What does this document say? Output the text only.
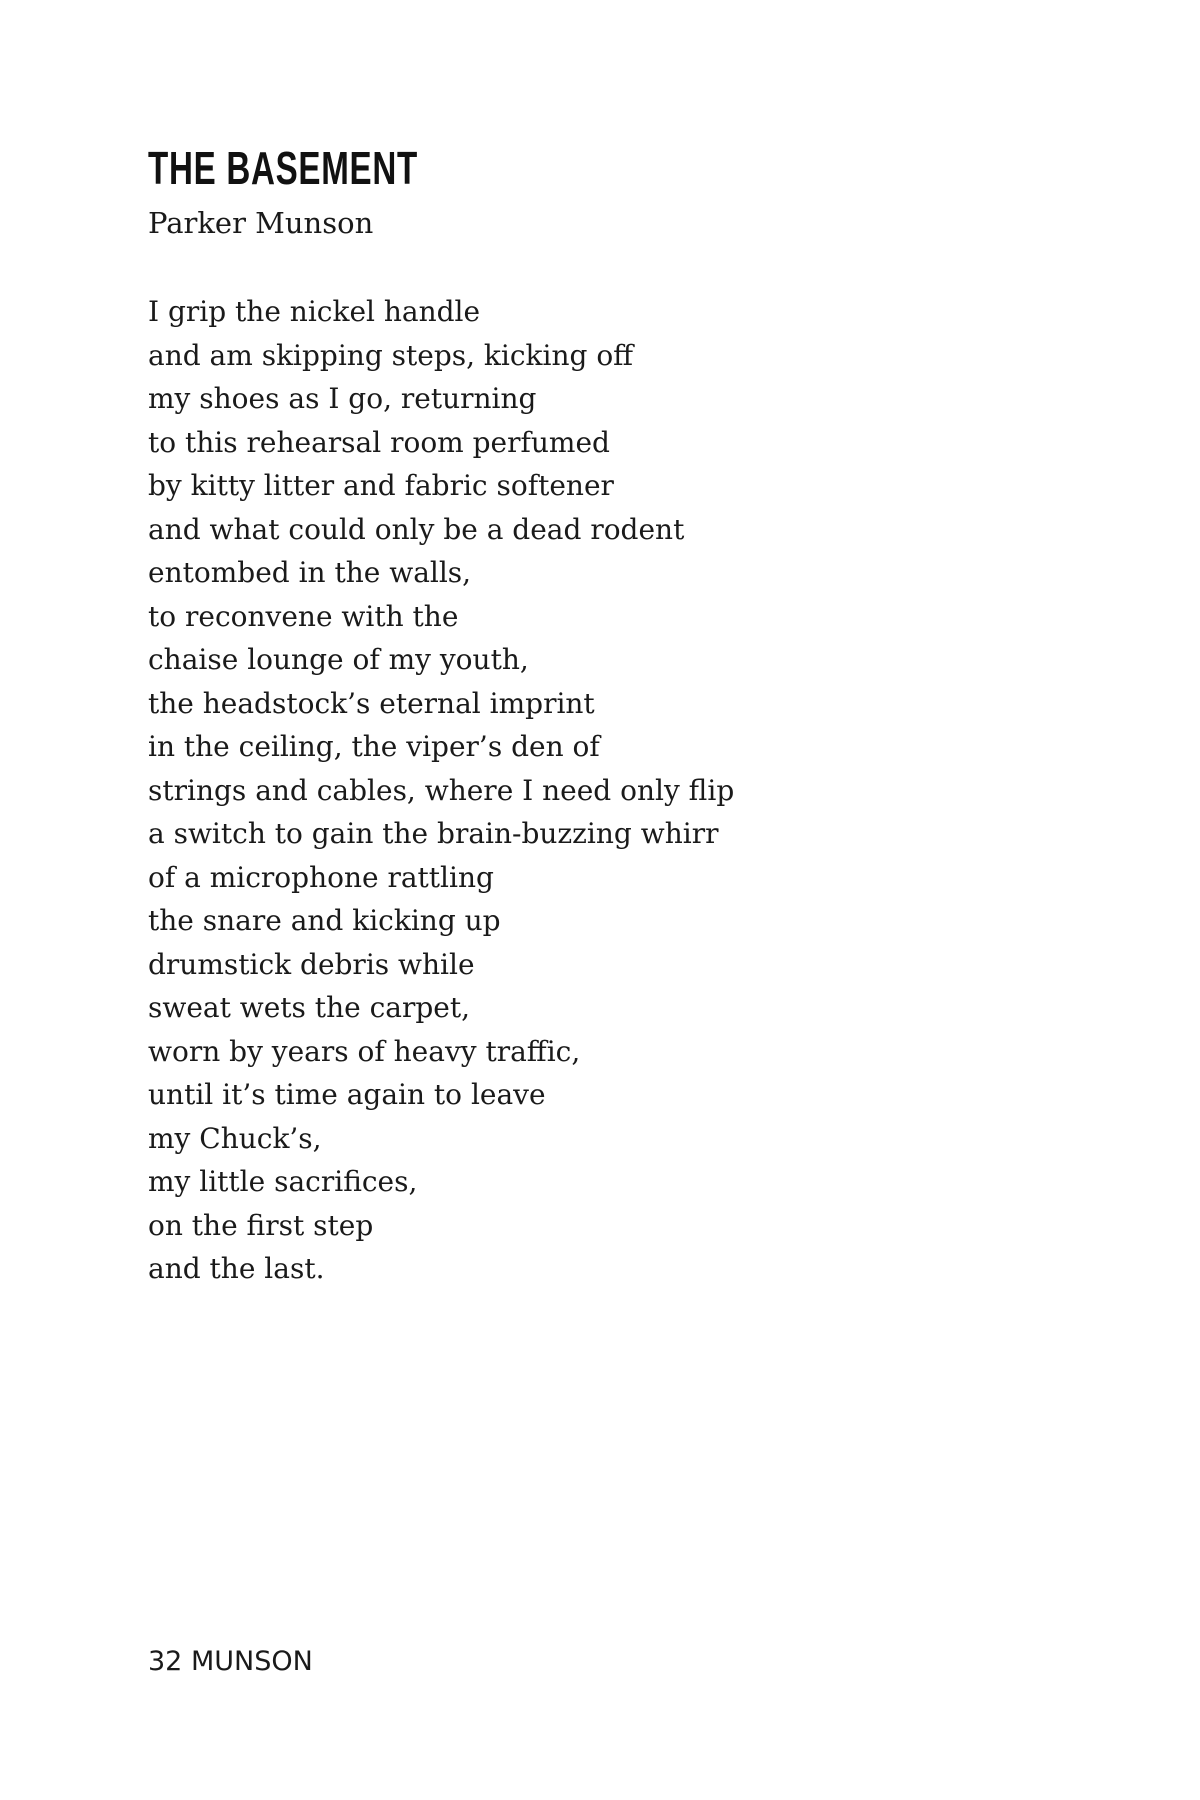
THE BASEMENT

Parker Munson

I grip the nickel handle
and am skipping steps, kicking off
my shoes as I go, returning
to this rehearsal room perfumed
by kitty litter and fabric softener
and what could only be a dead rodent
entombed in the walls,
to reconvene with the
chaise lounge of my youth,
the headstock’s eternal imprint
in the ceiling, the viper’s den of
strings and cables, where I need only flip
a switch to gain the brain-buzzing whirr
of a microphone rattling
the snare and kicking up
drumstick debris while
sweat wets the carpet,
worn by years of heavy traffic,
until it’s time again to leave
my Chuck’s,
my little sacrifices,
on the first step
and the last.

32 MUNSON
